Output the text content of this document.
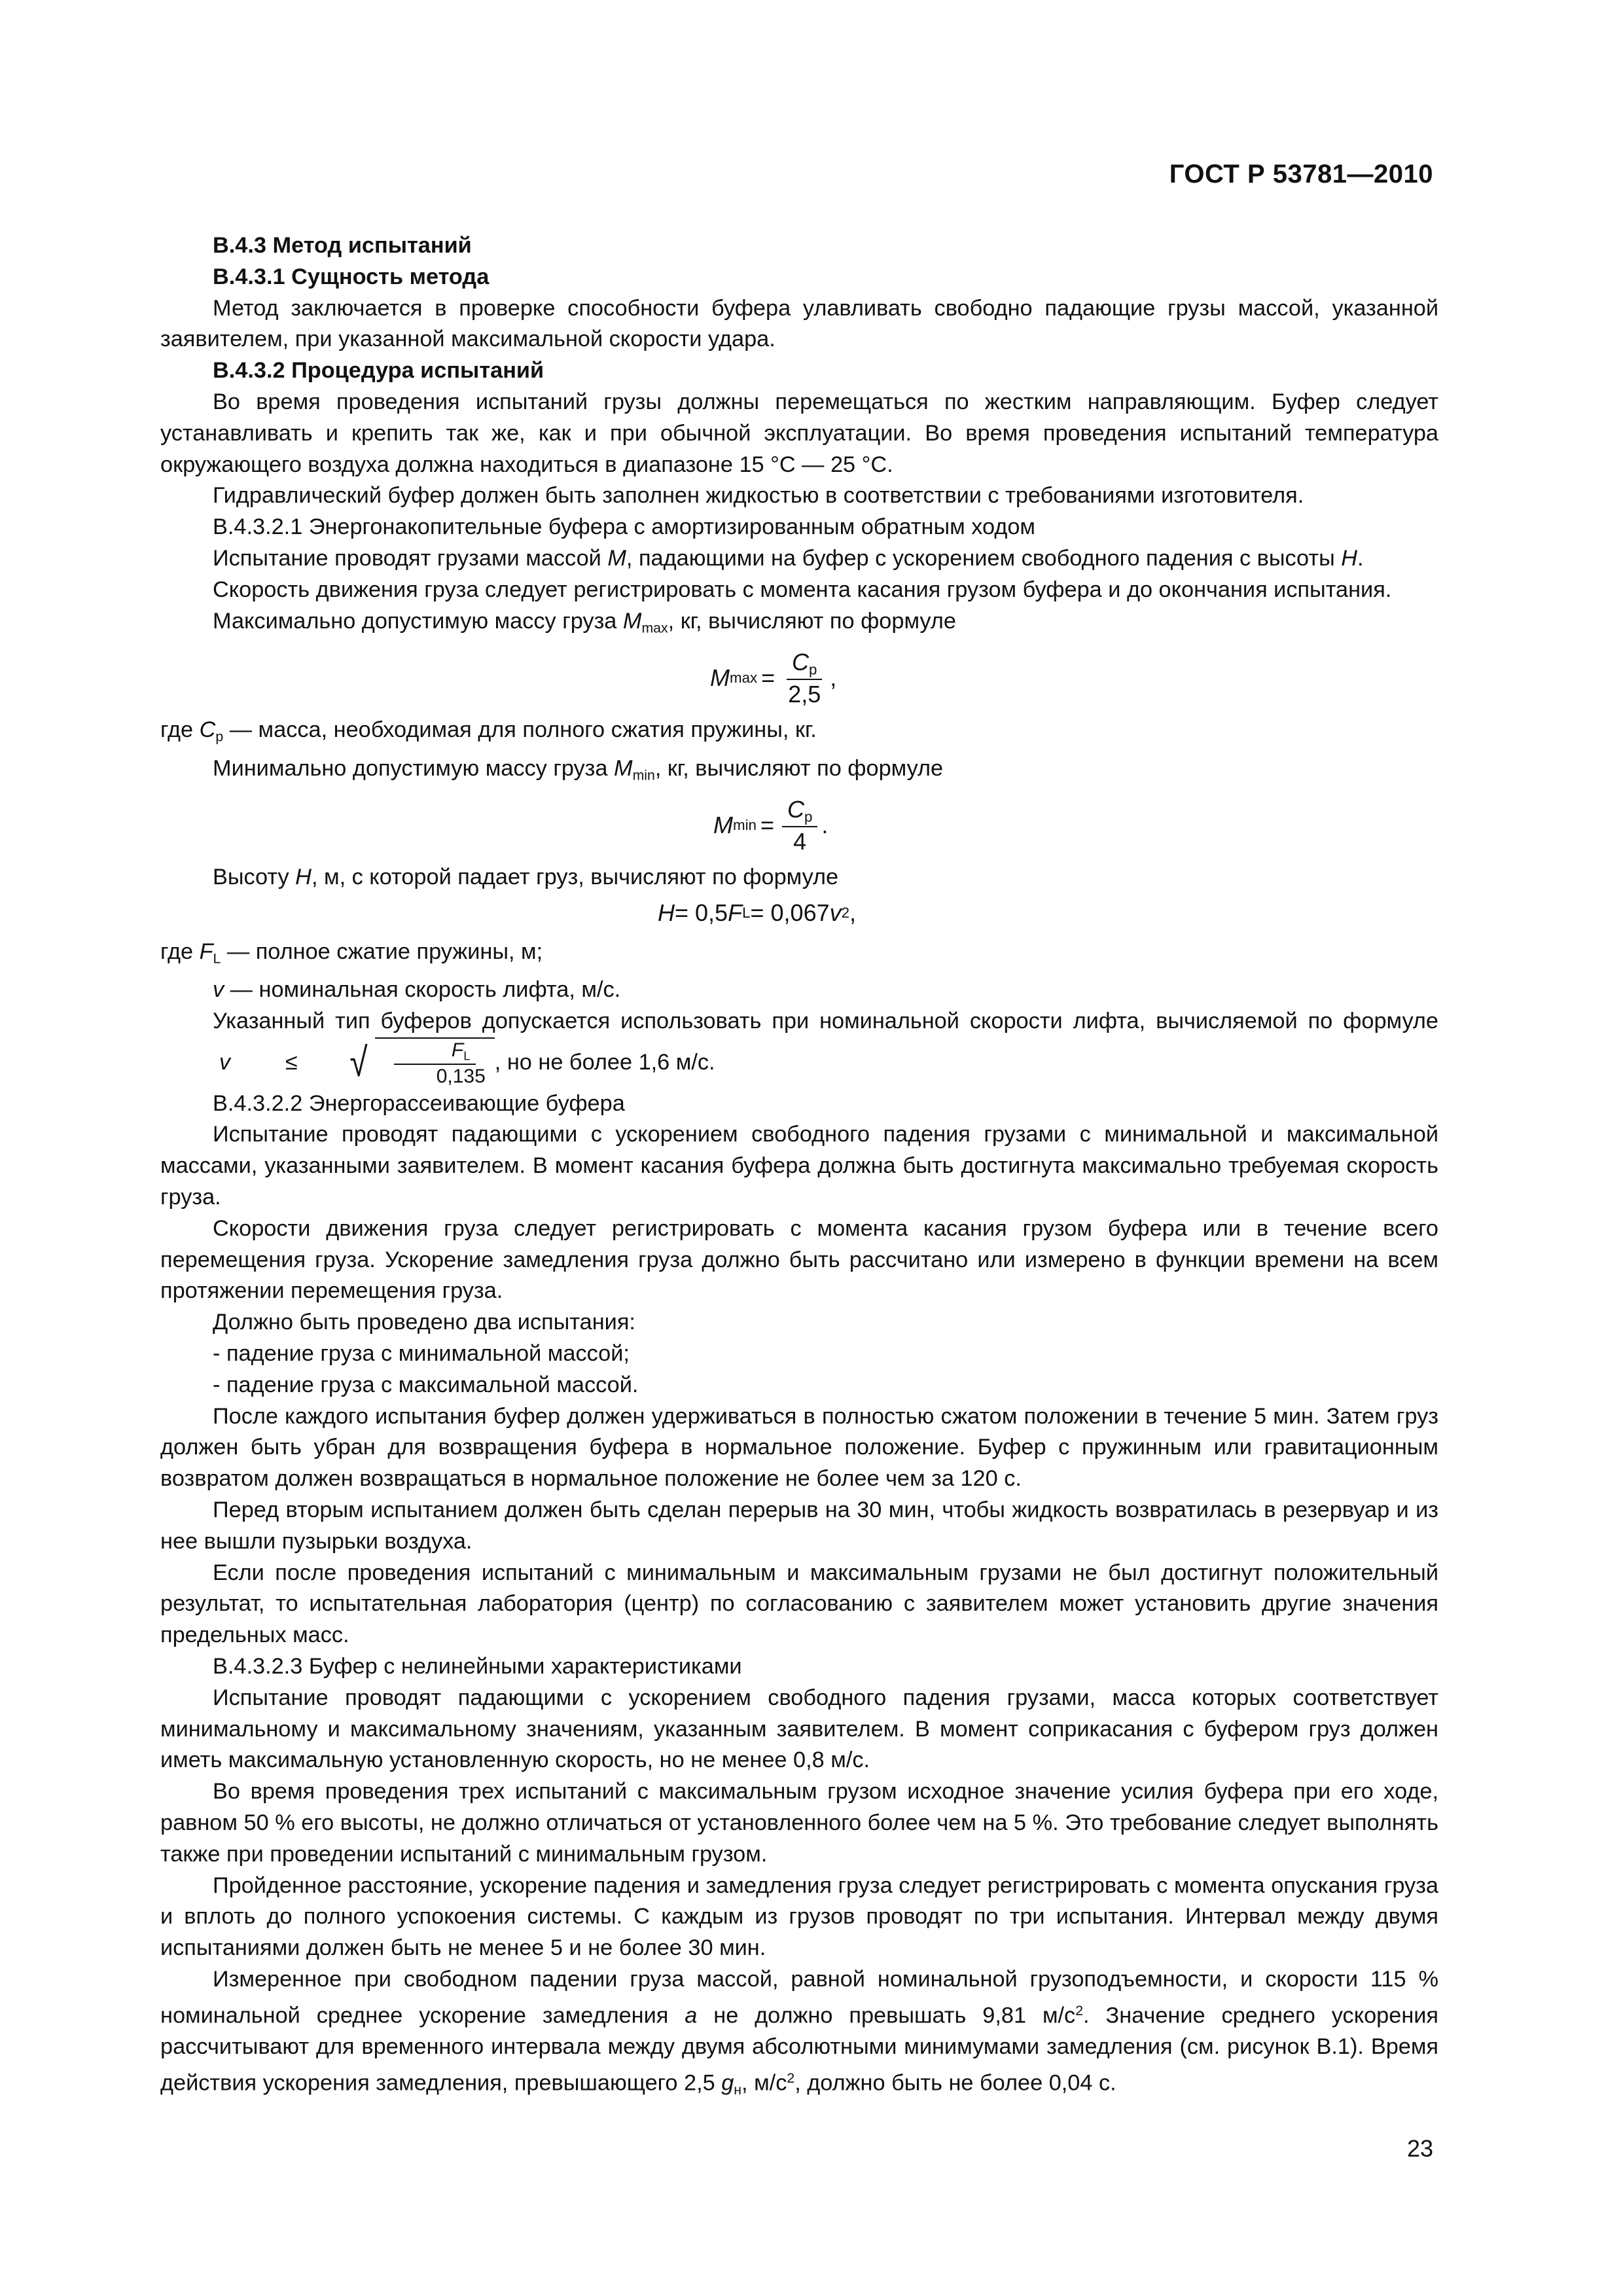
ГОСТ Р 53781—2010

В.4.3 Метод испытаний

В.4.3.1 Сущность метода

Метод заключается в проверке способности буфера улавливать свободно падающие грузы массой, указанной заявителем, при указанной максимальной скорости удара.

В.4.3.2 Процедура испытаний

Во время проведения испытаний грузы должны перемещаться по жестким направляющим. Буфер следует устанавливать и крепить так же, как и при обычной эксплуатации. Во время проведения испытаний температура окружающего воздуха должна находиться в диапазоне 15 °С — 25 °С.

Гидравлический буфер должен быть заполнен жидкостью в соответствии с требованиями изготовителя.

В.4.3.2.1 Энергонакопительные буфера с амортизированным обратным ходом

Испытание проводят грузами массой М, падающими на буфер с ускорением свободного падения с высоты Н.

Скорость движения груза следует регистрировать с момента касания грузом буфера и до окончания испытания.

Максимально допустимую массу груза $М_{max}$, кг, вычисляют по формуле

M $\max = \frac{C_p}{2,5}$ ,

где $C_p$ — масса, необходимая для полного сжатия пружины, кг.

Минимально допустимую массу груза $М_{min}$, кг, вычисляют по формуле

M $\min = \frac{C_p}{4}$ .

Высоту Н, м, с которой падает груз, вычисляют по формуле

H = 0,5 F L = 0,067 v 2 ,

где $F_L$ — полное сжатие пружины, м;

v — номинальная скорость лифта, м/с.

Указанный тип буферов допускается использовать при номинальной скорости лифта, вычисляемой по формуле
v	≤	√ $\frac{F_L}{0,135}$ , но не более 1,6 м/с.

В.4.3.2.2 Энергорассеивающие буфера

Испытание проводят падающими с ускорением свободного падения грузами с минимальной и максимальной массами, указанными заявителем. В момент касания буфера должна быть достигнута максимально требуемая скорость груза.

Скорости движения груза следует регистрировать с момента касания грузом буфера или в течение всего перемещения груза. Ускорение замедления груза должно быть рассчитано или измерено в функции времени на всем протяжении перемещения груза.

Должно быть проведено два испытания:

- падение груза с минимальной массой;

- падение груза с максимальной массой.

После каждого испытания буфер должен удерживаться в полностью сжатом положении в течение 5 мин. Затем груз должен быть убран для возвращения буфера в нормальное положение. Буфер с пружинным или гравитационным возвратом должен возвращаться в нормальное положение не более чем за 120 с.

Перед вторым испытанием должен быть сделан перерыв на 30 мин, чтобы жидкость возвратилась в резервуар и из нее вышли пузырьки воздуха.

Если после проведения испытаний с минимальным и максимальным грузами не был достигнут положительный результат, то испытательная лаборатория (центр) по согласованию с заявителем может установить другие значения предельных масс.

В.4.3.2.3 Буфер с нелинейными характеристиками

Испытание проводят падающими с ускорением свободного падения грузами, масса которых соответствует минимальному и максимальному значениям, указанным заявителем. В момент соприкасания с буфером груз должен иметь максимальную установленную скорость, но не менее 0,8 м/с.

Во время проведения трех испытаний с максимальным грузом исходное значение усилия буфера при его ходе, равном 50 % его высоты, не должно отличаться от установленного более чем на 5 %. Это требование следует выполнять также при проведении испытаний с минимальным грузом.

Пройденное расстояние, ускорение падения и замедления груза следует регистрировать с момента опускания груза и вплоть до полного успокоения системы. С каждым из грузов проводят по три испытания. Интервал между двумя испытаниями должен быть не менее 5 и не более 30 мин.

Измеренное при свободном падении груза массой, равной номинальной грузоподъемности, и скорости 115 % номинальной среднее ускорение замедления а не должно превышать 9,81 $м/с^2$. Значение среднего ускорения рассчитывают для временного интервала между двумя абсолютными минимумами замедления (см. рисунок В.1). Время действия ускорения замедления, превышающего 2,5 $g_н$, $м/с^2$, должно быть не более 0,04 с.

23
